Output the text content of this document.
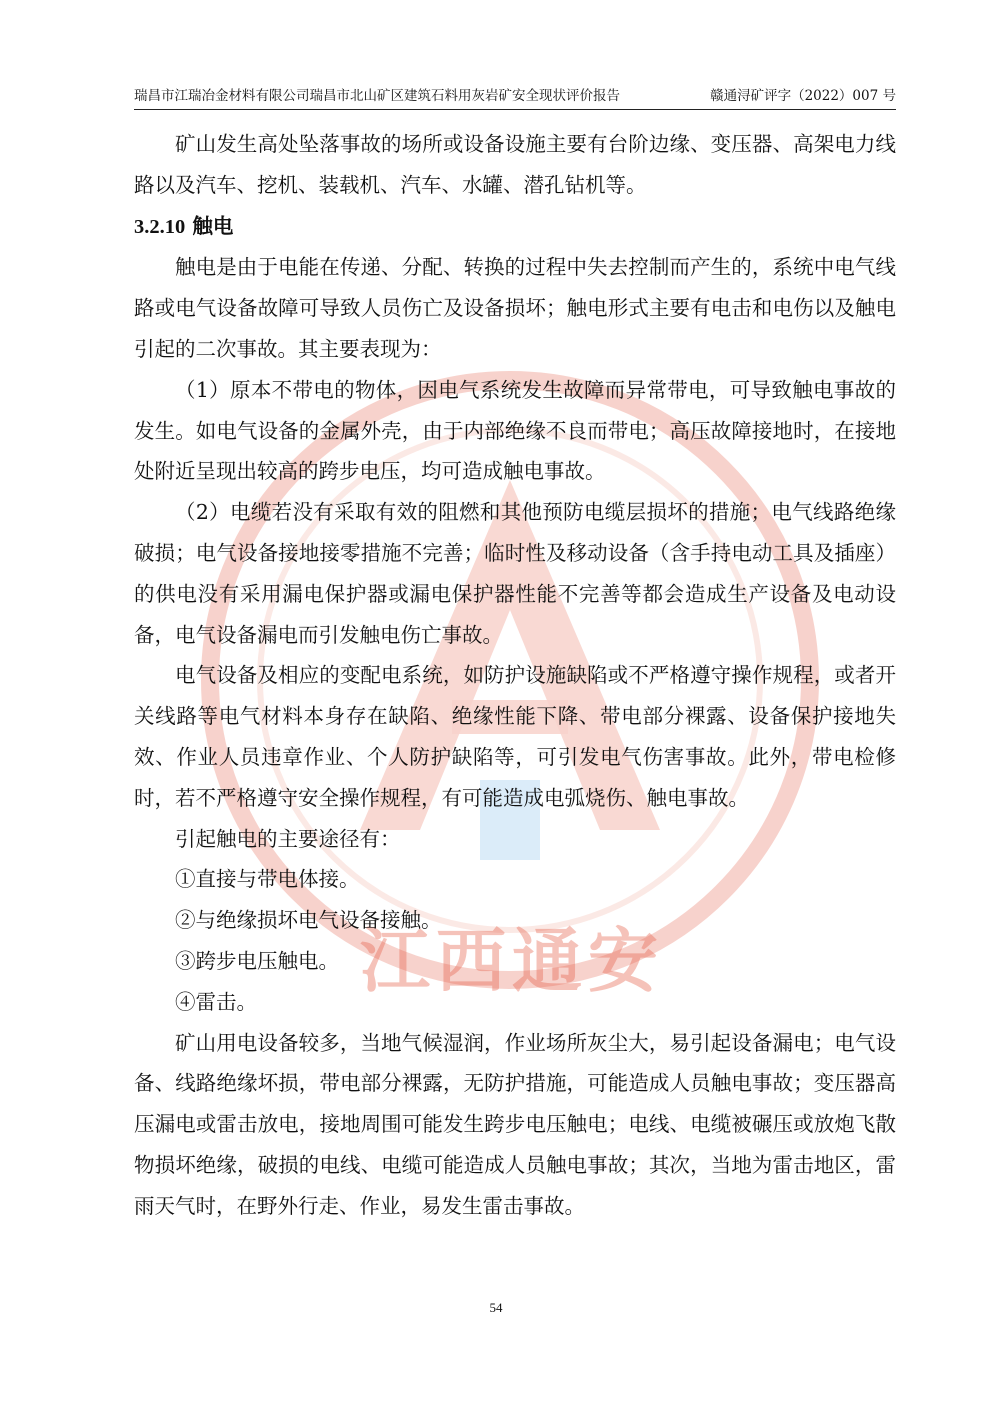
江西通安
瑞昌市江瑞冶金材料有限公司瑞昌市北山矿区建筑石料用灰岩矿安全现状评价报告	赣通浔矿评字（2022）007 号

矿山发生高处坠落事故的场所或设备设施主要有台阶边缘、变压器、高架电力线路以及汽车、挖机、装载机、汽车、水罐、潜孔钻机等。

3.2.10 触电

触电是由于电能在传递、分配、转换的过程中失去控制而产生的，系统中电气线路或电气设备故障可导致人员伤亡及设备损坏；触电形式主要有电击和电伤以及触电引起的二次事故。其主要表现为：

（1）原本不带电的物体，因电气系统发生故障而异常带电，可导致触电事故的发生。如电气设备的金属外壳，由于内部绝缘不良而带电；高压故障接地时，在接地处附近呈现出较高的跨步电压，均可造成触电事故。

（2）电缆若没有采取有效的阻燃和其他预防电缆层损坏的措施；电气线路绝缘破损；电气设备接地接零措施不完善；临时性及移动设备（含手持电动工具及插座）的供电没有采用漏电保护器或漏电保护器性能不完善等都会造成生产设备及电动设备，电气设备漏电而引发触电伤亡事故。

电气设备及相应的变配电系统，如防护设施缺陷或不严格遵守操作规程，或者开关线路等电气材料本身存在缺陷、绝缘性能下降、带电部分裸露、设备保护接地失效、作业人员违章作业、个人防护缺陷等，可引发电气伤害事故。此外，带电检修时，若不严格遵守安全操作规程，有可能造成电弧烧伤、触电事故。

引起触电的主要途径有：

①直接与带电体接。

②与绝缘损坏电气设备接触。

③跨步电压触电。

④雷击。

矿山用电设备较多，当地气候湿润，作业场所灰尘大，易引起设备漏电；电气设备、线路绝缘坏损，带电部分裸露，无防护措施，可能造成人员触电事故；变压器高压漏电或雷击放电，接地周围可能发生跨步电压触电；电线、电缆被碾压或放炮飞散物损坏绝缘，破损的电线、电缆可能造成人员触电事故；其次，当地为雷击地区，雷雨天气时，在野外行走、作业，易发生雷击事故。

54
